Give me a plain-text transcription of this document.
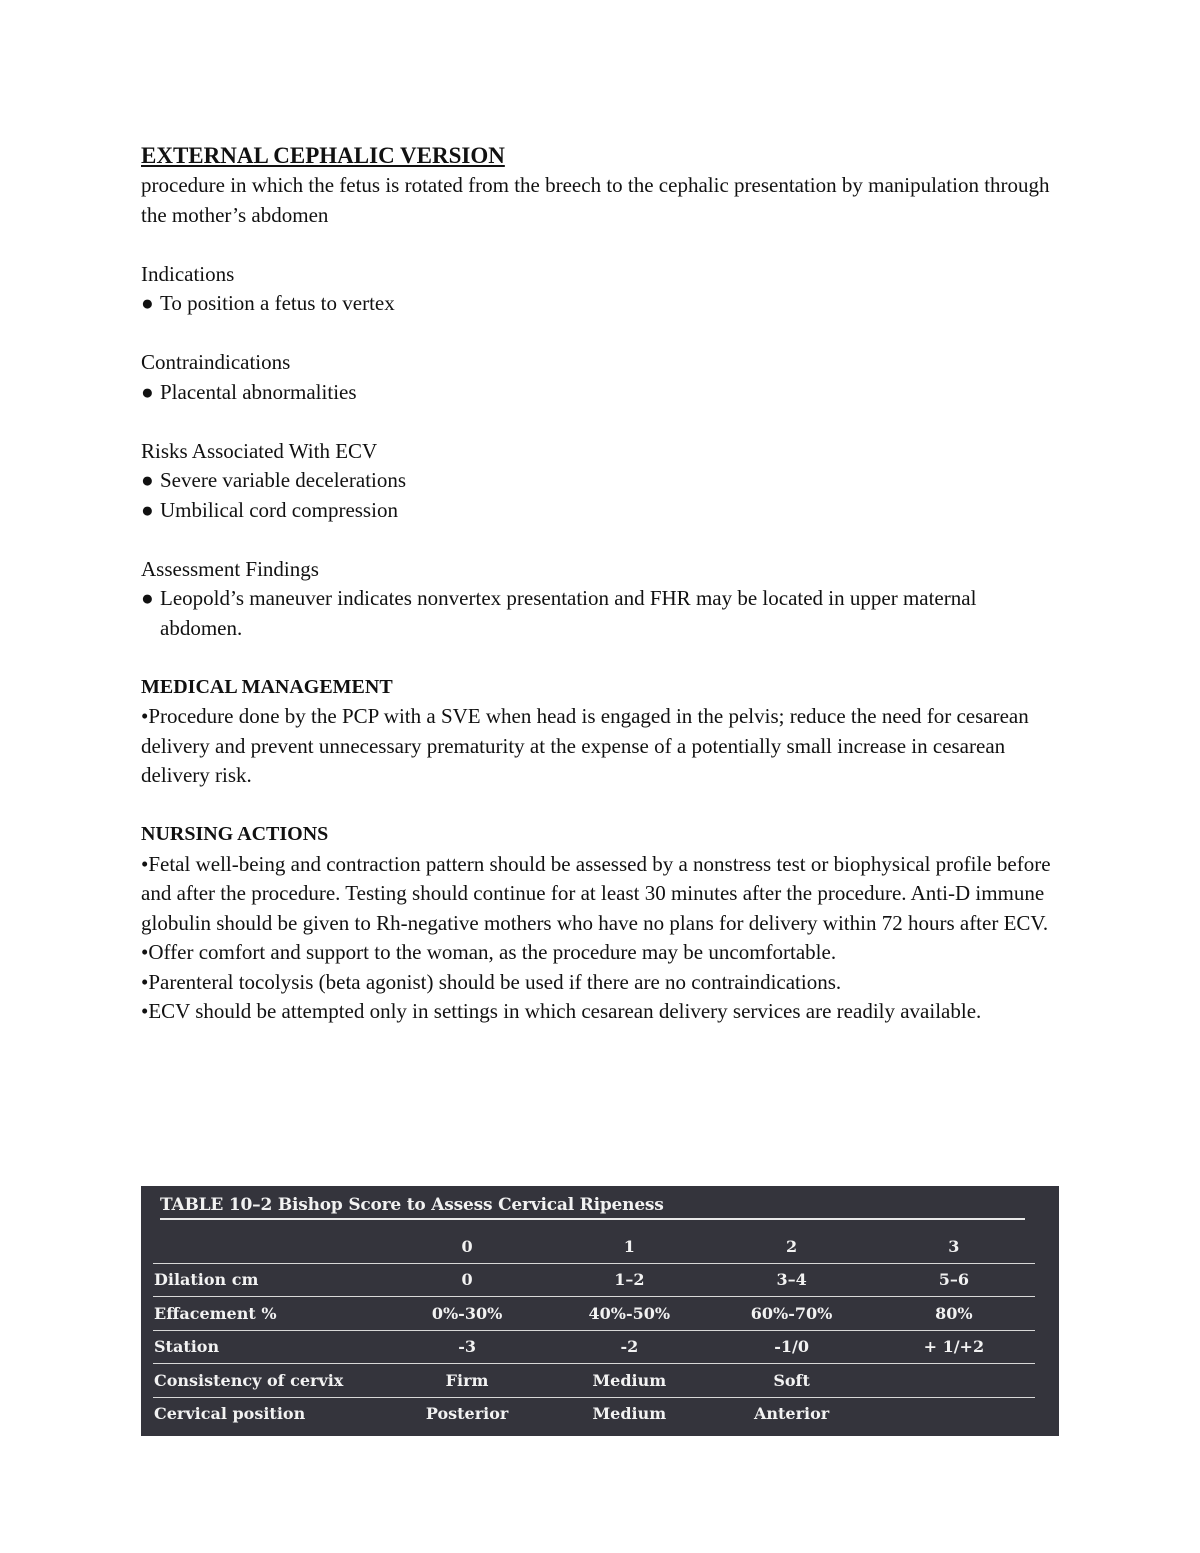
EXTERNAL CEPHALIC VERSION

procedure in which the fetus is rotated from the breech to the cephalic presentation by manipulation through the mother’s abdomen

Indications

● To position a fetus to vertex

Contraindications

● Placental abnormalities

Risks Associated With ECV

● Severe variable decelerations
● Umbilical cord compression

Assessment Findings

● Leopold’s maneuver indicates nonvertex presentation and FHR may be located in upper maternal abdomen.

MEDICAL MANAGEMENT

•Procedure done by the PCP with a SVE when head is engaged in the pelvis; reduce the need for cesarean delivery and prevent unnecessary prematurity at the expense of a potentially small increase in cesarean delivery risk.

NURSING ACTIONS

•Fetal well-being and contraction pattern should be assessed by a nonstress test or biophysical profile before and after the procedure. Testing should continue for at least 30 minutes after the procedure. Anti-D immune globulin should be given to Rh-negative mothers who have no plans for delivery within 72 hours after ECV.

•Offer comfort and support to the woman, as the procedure may be uncomfortable.

•Parenteral tocolysis (beta agonist) should be used if there are no contraindications.

•ECV should be attempted only in settings in which cesarean delivery services are readily available.

TABLE 10–2 Bishop Score to Assess Cervical Ripeness
	0	1	2	3
Dilation cm	0	1–2	3–4	5–6
Effacement %	0%-30%	40%-50%	60%-70%	80%
Station	-3	-2	-1/0	+ 1/+2
Consistency of cervix	Firm	Medium	Soft	
Cervical position	Posterior	Medium	Anterior	
